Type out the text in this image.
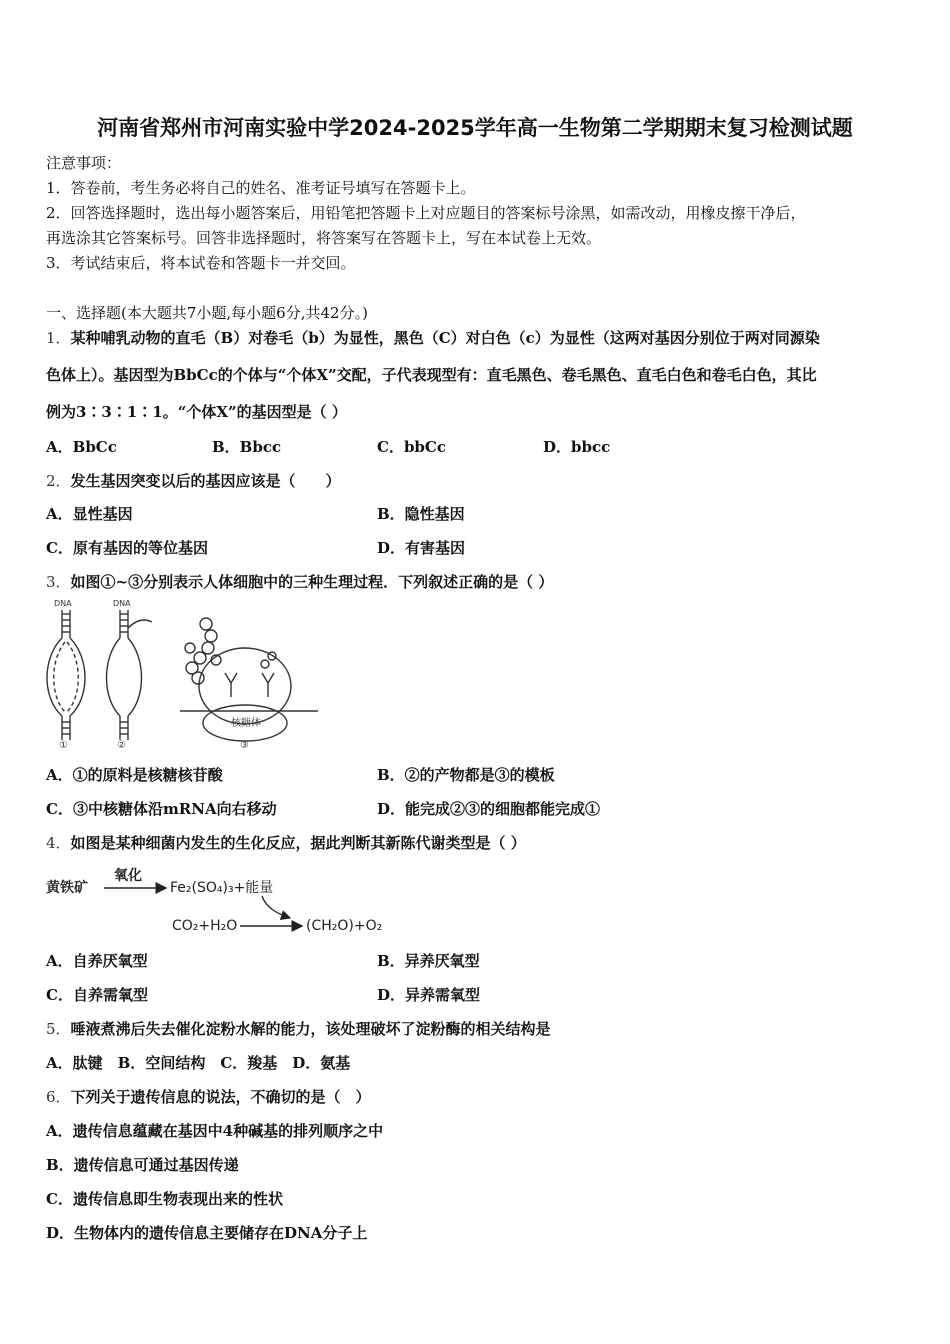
河南省郑州市河南实验中学2024-2025学年高一生物第二学期期末复习检测试题
注意事项：
1．答卷前，考生务必将自己的姓名、准考证号填写在答题卡上。
2．回答选择题时，选出每小题答案后，用铅笔把答题卡上对应题目的答案标号涂黑，如需改动，用橡皮擦干净后，
再选涂其它答案标号。回答非选择题时，将答案写在答题卡上，写在本试卷上无效。
3．考试结束后，将本试卷和答题卡一并交回。
一、选择题(本大题共7小题,每小题6分,共42分。)
1．某种哺乳动物的直毛（B）对卷毛（b）为显性，黑色（C）对白色（c）为显性（这两对基因分别位于两对同源染
色体上）。基因型为BbCc的个体与“个体X”交配，子代表现型有：直毛黑色、卷毛黑色、直毛白色和卷毛白色，其比
例为3∶3∶1∶1。“个体X”的基因型是（ ）
A．BbCc	B．Bbcc	C．bbCc	D．bbcc
2．发生基因突变以后的基因应该是（　　）
A．显性基因	B．隐性基因
C．原有基因的等位基因	D．有害基因
3．如图①~③分别表示人体细胞中的三种生理过程．下列叙述正确的是（ ）
DNA	DNA
核糖体
①	②	③
A．①的原料是核糖核苷酸	B．②的产物都是③的模板
C．③中核糖体沿mRNA向右移动	D．能完成②③的细胞都能完成①
4．如图是某种细菌内发生的生化反应，据此判断其新陈代谢类型是（ ）
黄铁矿
氧化
Fe₂(SO₄)₃+能量
CO₂+H₂O	(CH₂O)+O₂
A．自养厌氧型	B．异养厌氧型
C．自养需氧型	D．异养需氧型
5．唾液煮沸后失去催化淀粉水解的能力，该处理破坏了淀粉酶的相关结构是
A．肽键　B．空间结构　C．羧基　D．氨基
6．下列关于遗传信息的说法，不确切的是（　）
A．遗传信息蕴藏在基因中4种碱基的排列顺序之中
B．遗传信息可通过基因传递
C．遗传信息即生物表现出来的性状
D．生物体内的遗传信息主要储存在DNA分子上
